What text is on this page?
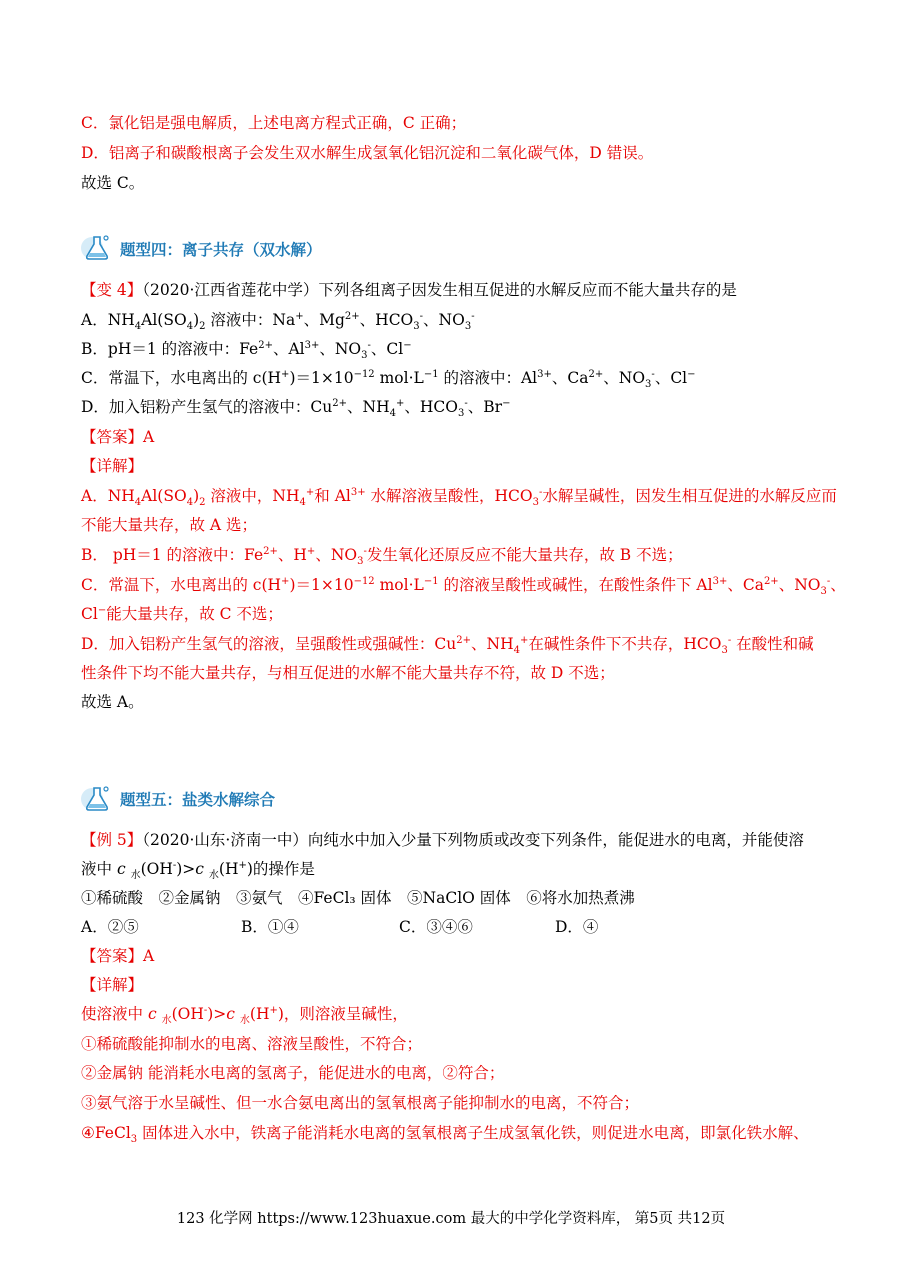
C．氯化铝是强电解质，上述电离方程式正确，C 正确；
D．铝离子和碳酸根离子会发生双水解生成氢氧化铝沉淀和二氧化碳气体，D 错误。
故选 C。
题型四：离子共存（双水解）
【变 4】（2020·江西省莲花中学）下列各组离子因发生相互促进的水解反应而不能大量共存的是
A．$NH_4Al(SO_4)_2$ 溶液中：Na+、$Mg^{2+}$、$HCO_3^-$、$NO_3^-$
B．pH＝1 的溶液中：$Fe^{2+}$、$Al^{3+}$、$NO_3^-$、Cl−
C．常温下，水电离出的 $c(H^+)=1\times 10^{-12}$ $mol\cdot L^{-1}$ 的溶液中：$Al^{3+}$、$Ca^{2+}$、$NO_3^-$、Cl−
D．加入铝粉产生氢气的溶液中：$Cu^{2+}$、$NH_4^+$、$HCO_3^-$、Br−
【答案】A
【详解】
A．$NH_4Al(SO_4)_2$ 溶液中，$NH_4^+$和 $Al^{3+}$ 水解溶液呈酸性，$HCO_3^-$水解呈碱性，因发生相互促进的水解反应而
不能大量共存，故 A 选；
B． pH＝1 的溶液中：$Fe^{2+}$、H+、$NO_3^-$发生氧化还原反应不能大量共存，故 B 不选；
C．常温下，水电离出的 $c(H^+)=1\times 10^{-12}$ $mol\cdot L^{-1}$ 的溶液呈酸性或碱性，在酸性条件下 $Al^{3+}$、$Ca^{2+}$、$NO_3^-$、
Cl−能大量共存，故 C 不选；
D．加入铝粉产生氢气的溶液，呈强酸性或强碱性：$Cu^{2+}$、$NH_4^+$在碱性条件下不共存，$HCO_3^-$ 在酸性和碱
性条件下均不能大量共存，与相互促进的水解不能大量共存不符，故 D 不选；
故选 A。
题型五：盐类水解综合
【例 5】（2020·山东·济南一中）向纯水中加入少量下列物质或改变下列条件，能促进水的电离，并能使溶
液中 c $_水$(OH-)>c $_水$(H+)的操作是
①稀硫酸　②金属钠　③氨气　④FeCl₃ 固体　⑤NaClO 固体　⑥将水加热煮沸
A．②⑤	B．①④	C．③④⑥	D．④
【答案】A
【详解】
使溶液中 c $_水$(OH-)>c $_水$(H+)，则溶液呈碱性，
①稀硫酸能抑制水的电离、溶液呈酸性，不符合；
②金属钠 能消耗水电离的氢离子，能促进水的电离，②符合；
③氨气溶于水呈碱性、但一水合氨电离出的氢氧根离子能抑制水的电离，不符合；
④FeCl$_3$ 固体进入水中，铁离子能消耗水电离的氢氧根离子生成氢氧化铁，则促进水电离，即氯化铁水解、
123 化学网 https://www.123huaxue.com 最大的中学化学资料库， 第5页 共12页
